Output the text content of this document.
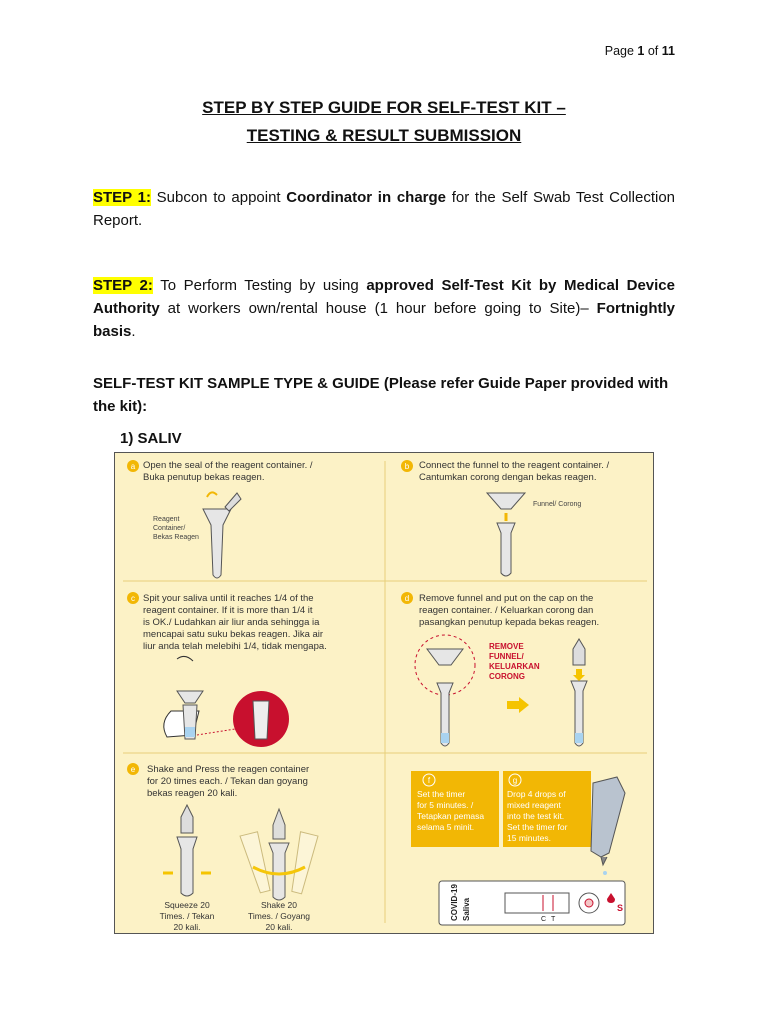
Page 1 of 11
STEP BY STEP GUIDE FOR SELF-TEST KIT –
TESTING & RESULT SUBMISSION
STEP 1: Subcon to appoint Coordinator in charge for the Self Swab Test Collection Report.
STEP 2: To Perform Testing by using approved Self-Test Kit by Medical Device Authority at workers own/rental house (1 hour before going to Site)– Fortnightly basis.
SELF-TEST KIT SAMPLE TYPE & GUIDE (Please refer Guide Paper provided with the kit):
1) SALIV
a Open the seal of the reagent container. /
Buka penutup bekas reagen.
Reagent
Container/
Bekas Reagen
b Connect the funnel to the reagent container. /
Cantumkan corong dengan bekas reagen.
Funnel/ Corong
c Spit your saliva until it reaches 1/4 of the
reagent container. If it is more than 1/4 it
is OK./ Ludahkan air liur anda sehingga ia
mencapai satu suku bekas reagen. Jika air
liur anda telah melebihi 1/4, tidak mengapa.
d Remove funnel and put on the cap on the
reagen container. / Keluarkan corong dan
pasangkan penutup kepada bekas reagen.
REMOVE
FUNNEL/
KELUARKAN
CORONG
e Shake and Press the reagen container
for 20 times each. / Tekan dan goyang
bekas reagen 20 kali.
Squeeze 20
Times. / Tekan
20 kali.
Shake 20
Times. / Goyang
20 kali.
f
Set the timer
for 5 minutes. /
Tetapkan pemasa
selama 5 minit.
g
Drop 4 drops of
mixed reagent
into the test kit.
Set the timer for
15 minutes.
COVID-19 Saliva	S
C T
